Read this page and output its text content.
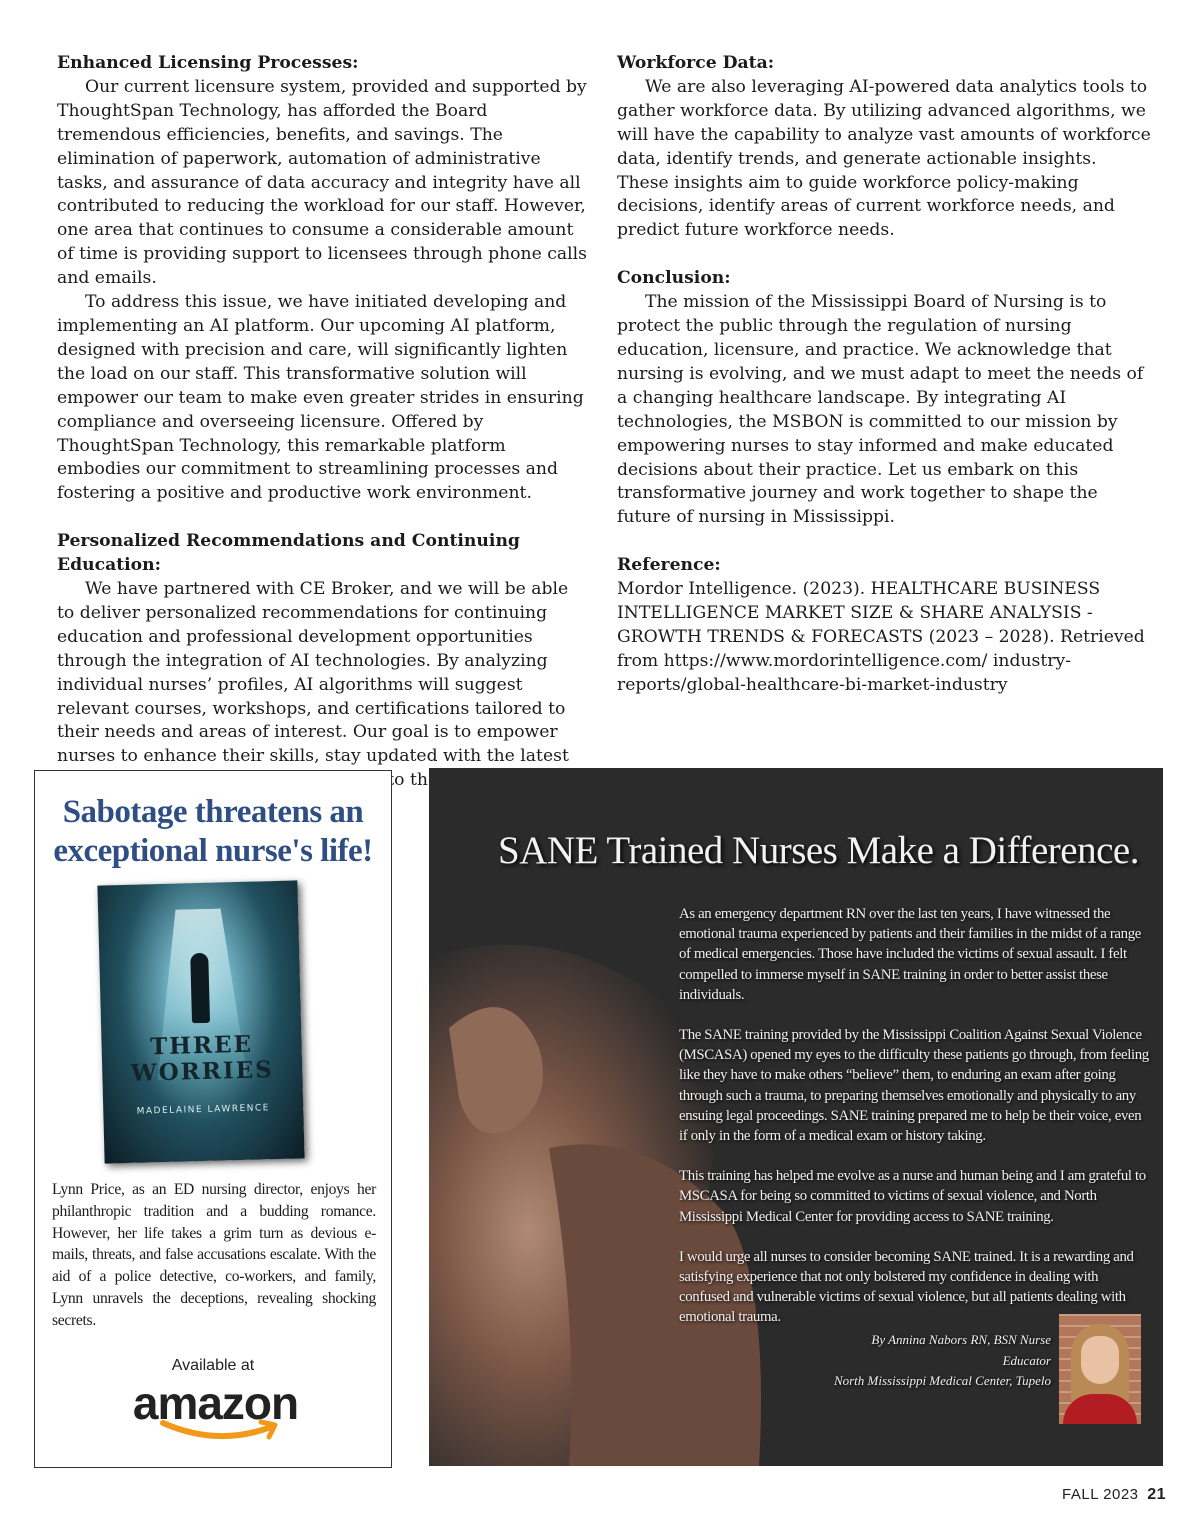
Enhanced Licensing Processes:

Our current licensure system, provided and supported by ThoughtSpan Technology, has afforded the Board tremendous efficiencies, benefits, and savings. The elimination of paperwork, automation of administrative tasks, and assurance of data accuracy and integrity have all contributed to reducing the workload for our staff. However, one area that continues to consume a considerable amount of time is providing support to licensees through phone calls and emails.

To address this issue, we have initiated developing and implementing an AI platform. Our upcoming AI platform, designed with precision and care, will significantly lighten the load on our staff. This transformative solution will empower our team to make even greater strides in ensuring compliance and overseeing licensure. Offered by ThoughtSpan Technology, this remarkable platform embodies our commitment to streamlining processes and fostering a positive and productive work environment.

Personalized Recommendations and Continuing Education:

We have partnered with CE Broker, and we will be able to deliver personalized recommendations for continuing education and professional development opportunities through the integration of AI technologies. By analyzing individual nurses’ profiles, AI algorithms will suggest relevant courses, workshops, and certifications tailored to their needs and areas of interest. Our goal is to empower nurses to enhance their skills, stay updated with the latest to

Workforce Data:

We are also leveraging AI-powered data analytics tools to gather workforce data. By utilizing advanced algorithms, we will have the capability to analyze vast amounts of workforce data, identify trends, and generate actionable insights. These insights aim to guide workforce policy-making decisions, identify areas of current workforce needs, and predict future workforce needs.

Conclusion:

The mission of the Mississippi Board of Nursing is to protect the public through the regulation of nursing education, licensure, and practice. We acknowledge that nursing is evolving, and we must adapt to meet the needs of a changing healthcare landscape. By integrating AI technologies, the MSBON is committed to our mission by empowering nurses to stay informed and make educated decisions about their practice. Let us embark on this transformative journey and work together to shape the future of nursing in Mississippi.

Reference:

Mordor Intelligence. (2023). HEALTHCARE BUSINESS INTELLIGENCE MARKET SIZE & SHARE ANALYSIS - GROWTH TRENDS & FORECASTS (2023 – 2028). Retrieved from https://www.mordorintelligence.com/ industry-reports/global-healthcare-bi-market-industry

Sabotage threatens an exceptional nurse's life!
THREE WORRIES
MADELAINE LAWRENCE
Lynn Price, as an ED nursing director, enjoys her philanthropic tradition and a budding romance. However, her life takes a grim turn as devious e-mails, threats, and false accusations escalate. With the aid of a police detective, co-workers, and family, Lynn unravels the deceptions, revealing shocking secrets.
Available at
amazon
SANE Trained Nurses Make a Difference.

As an emergency department RN over the last ten years, I have witnessed the emotional trauma experienced by patients and their families in the midst of a range of medical emergencies. Those have included the victims of sexual assault. I felt compelled to immerse myself in SANE training in order to better assist these individuals.

The SANE training provided by the Mississippi Coalition Against Sexual Violence (MSCASA) opened my eyes to the difficulty these patients go through, from feeling like they have to make others “believe” them, to enduring an exam after going through such a trauma, to preparing themselves emotionally and physically to any ensuing legal proceedings. SANE training prepared me to help be their voice, even if only in the form of a medical exam or history taking.

This training has helped me evolve as a nurse and human being and I am grateful to MSCASA for being so committed to victims of sexual violence, and North Mississippi Medical Center for providing access to SANE training.

I would urge all nurses to consider becoming SANE trained. It is a rewarding and satisfying experience that not only bolstered my confidence in dealing with confused and vulnerable victims of sexual violence, but all patients dealing with emotional trauma.

By Annina Nabors RN, BSN Nurse
Educator
North Mississippi Medical Center, Tupelo
FALL 2023 21
